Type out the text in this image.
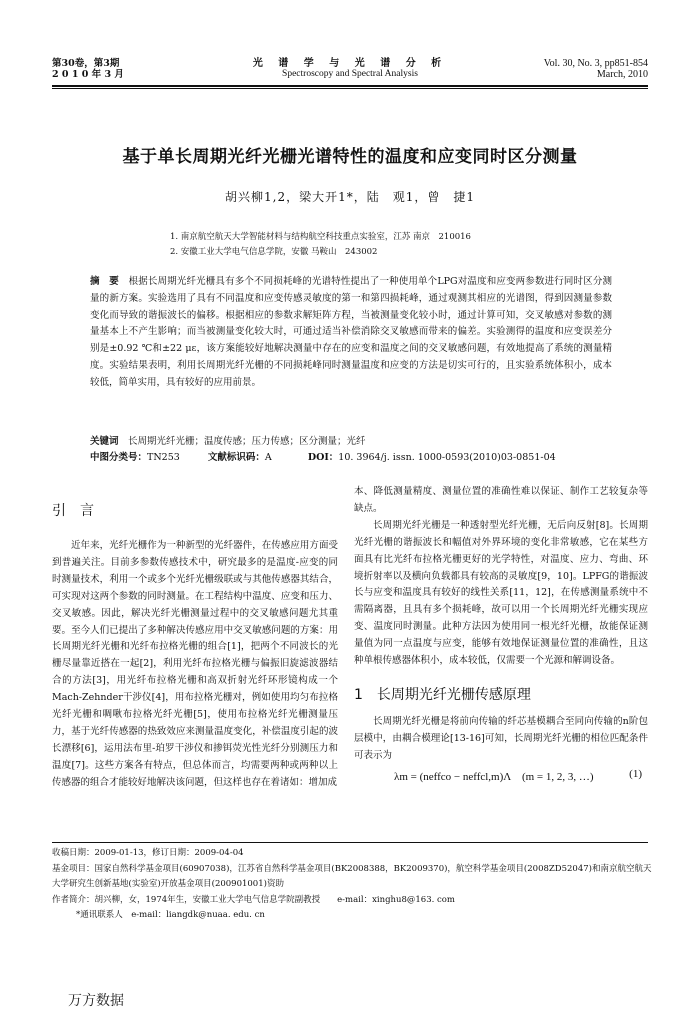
第30卷，第3期
2 0 1 0 年 3 月
光 谱 学 与 光 谱 分 析
Spectroscopy and Spectral Analysis
Vol. 30, No. 3, pp851-854
March, 2010
基于单长周期光纤光栅光谱特性的温度和应变同时区分测量
胡兴柳1,2，梁大开1*，陆　观1，曾　捷1
1. 南京航空航天大学智能材料与结构航空科技重点实验室，江苏 南京　210016
2. 安徽工业大学电气信息学院，安徽 马鞍山　243002
摘　要　 根据长周期光纤光栅具有多个不同损耗峰的光谱特性提出了一种使用单个LPG对温度和应变两参数进行同时区分测量的新方案。实验选用了具有不同温度和应变传感灵敏度的第一和第四损耗峰，通过观测其相应的光谱图，得到因测量参数变化而导致的谐振波长的偏移。根据相应的参数求解矩阵方程，当被测量变化较小时，通过计算可知，交叉敏感对参数的测量基本上不产生影响；而当被测量变化较大时，可通过适当补偿消除交叉敏感而带来的偏差。实验测得的温度和应变误差分别是±0.92 ℃和±22 με，该方案能较好地解决测量中存在的应变和温度之间的交叉敏感问题，有效地提高了系统的测量精度。实验结果表明，利用长周期光纤光栅的不同损耗峰同时测量温度和应变的方法是切实可行的，且实验系统体积小，成本较低，简单实用，具有较好的应用前景。
关键词　 长周期光纤光栅；温度传感；压力传感；区分测量；光纤
中图分类号：TN253	文献标识码：A	DOI：10. 3964/j. issn. 1000-0593(2010)03-0851-04
引　言

近年来，光纤光栅作为一种新型的光纤器件，在传感应用方面受到普遍关注。目前多参数传感技术中，研究最多的是温度-应变的同时测量技术，利用一个或多个光纤光栅级联或与其他传感器其结合，可实现对这两个参数的同时测量。在工程结构中温度、应变和压力、交叉敏感。因此，解决光纤光栅测量过程中的交叉敏感问题尤其重要。至今人们已提出了多种解决传感应用中交叉敏感问题的方案：用长周期光纤光栅和光纤布拉格光栅的组合[1]，把两个不同波长的光栅尽量靠近搭在一起[2]，利用光纤布拉格光栅与偏振旧旋滤波器结合的方法[3]，用光纤布拉格光栅和高双折射光纤环形镜构成一个Mach-Zehnder干涉仪[4]，用布拉格光栅对，例如使用均匀布拉格光纤光栅和啁啾布拉格光纤光栅[5]，使用布拉格光纤光栅测量压力，基于光纤传感器的热致效应来测量温度变化，补偿温度引起的波长漂移[6]，运用法布里-珀罗干涉仪和掺铒荧光性光纤分别测压力和温度[7]。这些方案各有特点，但总体而言，均需要两种或两种以上传感器的组合才能较好地解决该问题，但这样也存在着诸如：增加成

本、降低测量精度、测量位置的准确性难以保证、制作工艺较复杂等缺点。

长周期光纤光栅是一种透射型光纤光栅，无后向反射[8]。长周期光纤光栅的谐振波长和幅值对外界环境的变化非常敏感，它在某些方面具有比光纤布拉格光栅更好的光学特性，对温度、应力、弯曲、环境折射率以及横向负载都具有较高的灵敏度[9，10]。LPFG的谐振波长与应变和温度具有较好的线性关系[11，12]，在传感测量系统中不需隔离器，且具有多个损耗峰，故可以用一个长周期光纤光栅实现应变、温度同时测量。此种方法因为使用同一根光纤光栅，故能保证测量值为同一点温度与应变，能够有效地保证测量位置的准确性，且这种单根传感器体积小，成本较低，仅需要一个光源和解调设备。

1　长周期光纤光栅传感原理

长周期光纤光栅是将前向传输的纤芯基模耦合至同向传输的n阶包层模中，由耦合模理论[13-16]可知，长周期光纤光栅的相位匹配条件可表示为

λm = (neffco − neffcl,m)Λ　(m = 1, 2, 3, …)	(1)
收稿日期：2009-01-13，修订日期：2009-04-04
基金项目：国家自然科学基金项目(60907038)，江苏省自然科学基金项目(BK2008388，BK2009370)，航空科学基金项目(2008ZD52047)和南京航空航天大学研究生创新基地(实验室)开放基金项目(200901001)资助
作者简介：胡兴柳，女，1974年生，安徽工业大学电气信息学院副教授　　e-mail：xinghu8@163. com
*通讯联系人　e-mail：liangdk@nuaa. edu. cn
万方数据
